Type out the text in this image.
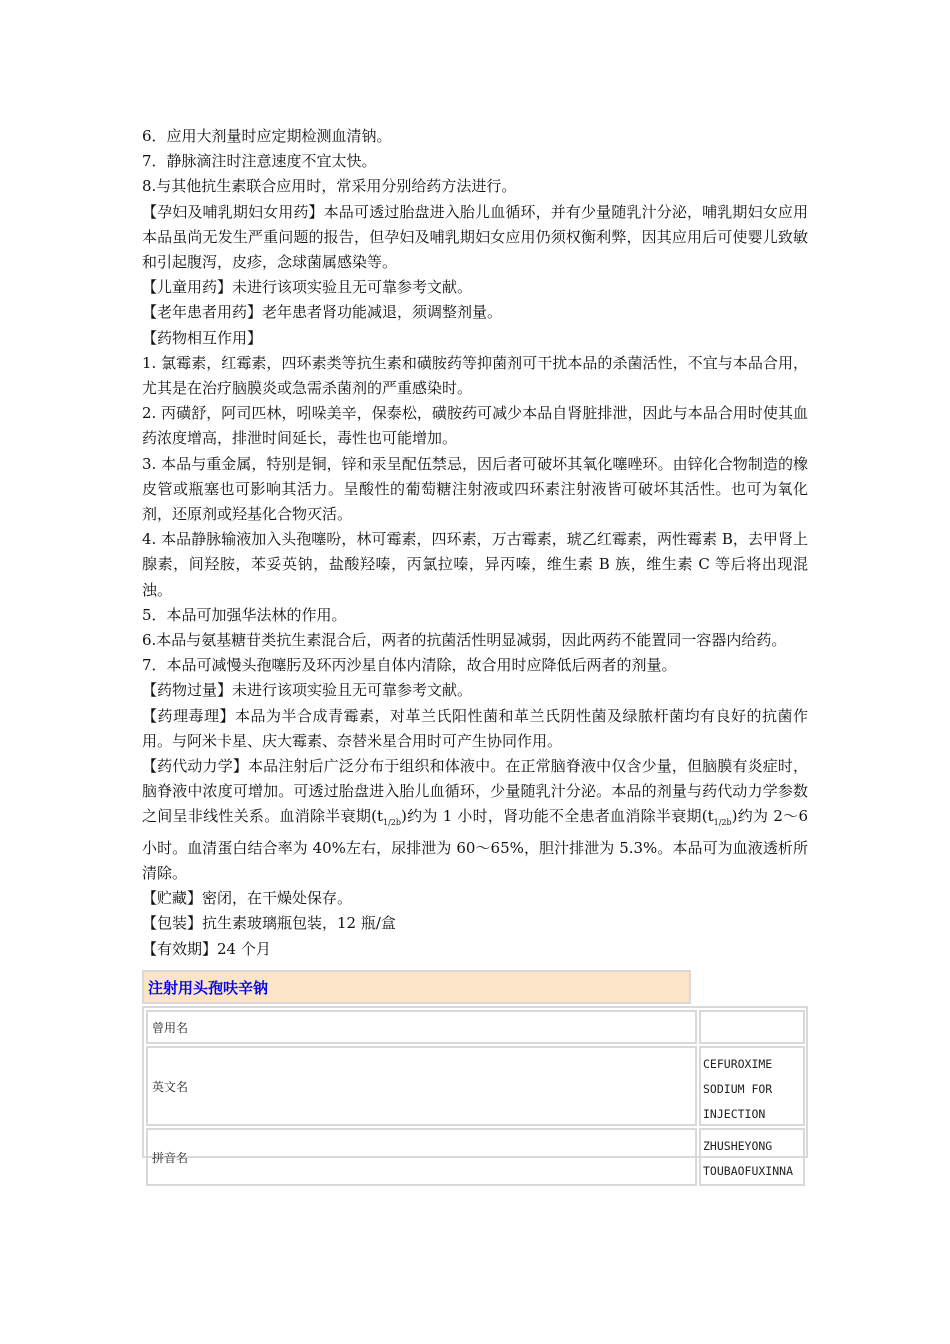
6．应用大剂量时应定期检测血清钠。

7．静脉滴注时注意速度不宜太快。

8.与其他抗生素联合应用时，常采用分别给药方法进行。

【孕妇及哺乳期妇女用药】本品可透过胎盘进入胎儿血循环，并有少量随乳汁分泌，哺乳期妇女应用本品虽尚无发生严重问题的报告，但孕妇及哺乳期妇女应用仍须权衡利弊，因其应用后可使婴儿致敏和引起腹泻，皮疹，念球菌属感染等。

【儿童用药】未进行该项实验且无可靠参考文献。

【老年患者用药】老年患者肾功能减退，须调整剂量。

【药物相互作用】

1. 氯霉素，红霉素，四环素类等抗生素和磺胺药等抑菌剂可干扰本品的杀菌活性，不宜与本品合用，尤其是在治疗脑膜炎或急需杀菌剂的严重感染时。

2. 丙磺舒，阿司匹林，吲哚美辛，保泰松，磺胺药可减少本品自肾脏排泄，因此与本品合用时使其血药浓度增高，排泄时间延长，毒性也可能增加。

3. 本品与重金属，特别是铜，锌和汞呈配伍禁忌，因后者可破坏其氧化噻唑环。由锌化合物制造的橡皮管或瓶塞也可影响其活力。呈酸性的葡萄糖注射液或四环素注射液皆可破坏其活性。也可为氧化剂，还原剂或羟基化合物灭活。

4. 本品静脉输液加入头孢噻吩，林可霉素，四环素，万古霉素，琥乙红霉素，两性霉素 B，去甲肾上腺素，间羟胺，苯妥英钠，盐酸羟嗪，丙氯拉嗪，异丙嗪，维生素 B 族，维生素 C 等后将出现混浊。

5．本品可加强华法林的作用。

6.本品与氨基糖苷类抗生素混合后，两者的抗菌活性明显减弱，因此两药不能置同一容器内给药。

7．本品可减慢头孢噻肟及环丙沙星自体内清除，故合用时应降低后两者的剂量。

【药物过量】未进行该项实验且无可靠参考文献。

【药理毒理】本品为半合成青霉素，对革兰氏阳性菌和革兰氏阴性菌及绿脓杆菌均有良好的抗菌作用。与阿米卡星、庆大霉素、奈替米星合用时可产生协同作用。

【药代动力学】本品注射后广泛分布于组织和体液中。在正常脑脊液中仅含少量，但脑膜有炎症时，脑脊液中浓度可增加。可透过胎盘进入胎儿血循环，少量随乳汁分泌。本品的剂量与药代动力学参数之间呈非线性关系。血消除半衰期$(t_{1/2b})$约为 1 小时，肾功能不全患者血消除半衰期$(t_{1/2b})$约为 2～6 小时。血清蛋白结合率为 40%左右，尿排泄为 60～65%，胆汁排泄为 5.3%。本品可为血液透析所清除。

【贮藏】密闭，在干燥处保存。

【包装】抗生素玻璃瓶包装，12 瓶/盒

【有效期】24 个月

注射用头孢呋辛钠
曾用名
英文名
CEFUROXIME SODIUM FOR INJECTION
拼音名
ZHUSHEYONG TOUBAOFUXINNA
